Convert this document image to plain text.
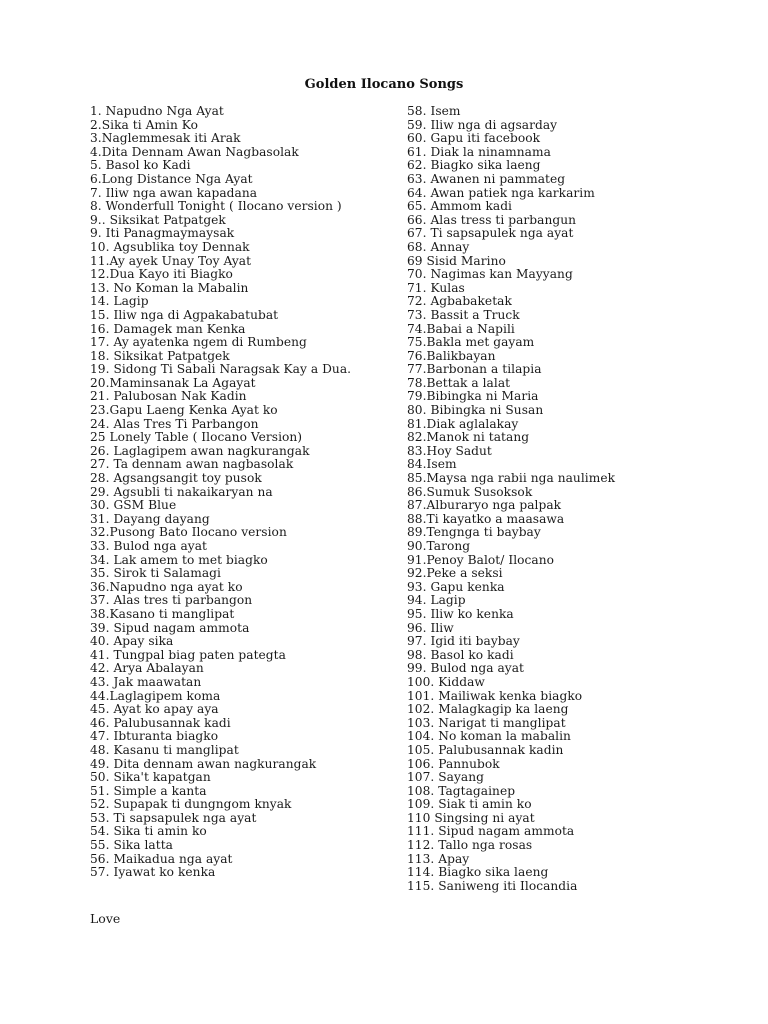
Golden Ilocano Songs
1. Napudno Nga Ayat
2.Sika ti Amin Ko
3.Naglemmesak iti Arak
4.Dita Dennam Awan Nagbasolak
5. Basol ko Kadi
6.Long Distance Nga Ayat
7. Iliw nga awan kapadana
8. Wonderfull Tonight ( Ilocano version )
9.. Siksikat Patpatgek
9. Iti Panagmaymaysak
10. Agsublika toy Dennak
11.Ay ayek Unay Toy Ayat
12.Dua Kayo iti Biagko
13. No Koman la Mabalin
14. Lagip
15. Iliw nga di Agpakabatubat
16. Damagek man Kenka
17. Ay ayatenka ngem di Rumbeng
18. Siksikat Patpatgek
19. Sidong Ti Sabali Naragsak Kay a Dua.
20.Maminsanak La Agayat
21. Palubosan Nak Kadin
23.Gapu Laeng Kenka Ayat ko
24. Alas Tres Ti Parbangon
25 Lonely Table ( Ilocano Version)
26. Laglagipem awan nagkurangak
27. Ta dennam awan nagbasolak
28. Agsangsangit toy pusok
29. Agsubli ti nakaikaryan na
30. GSM Blue
31. Dayang dayang
32.Pusong Bato Ilocano version
33. Bulod nga ayat
34. Lak amem to met biagko
35. Sirok ti Salamagi
36.Napudno nga ayat ko
37. Alas tres ti parbangon
38.Kasano ti manglipat
39. Sipud nagam ammota
40. Apay sika
41. Tungpal biag paten pategta
42. Arya Abalayan
43. Jak maawatan
44.Laglagipem koma
45. Ayat ko apay aya
46. Palubusannak kadi
47. Ibturanta biagko
48. Kasanu ti manglipat
49. Dita dennam awan nagkurangak
50. Sika't kapatgan
51. Simple a kanta
52. Supapak ti dungngom knyak
53. Ti sapsapulek nga ayat
54. Sika ti amin ko
55. Sika latta
56. Maikadua nga ayat
57. Iyawat ko kenka
58. Isem
59. Iliw nga di agsarday
60. Gapu iti facebook
61. Diak la ninamnama
62. Biagko sika laeng
63. Awanen ni pammateg
64. Awan patiek nga karkarim
65. Ammom kadi
66. Alas tress ti parbangun
67. Ti sapsapulek nga ayat
68. Annay
69 Sisid Marino
70. Nagimas kan Mayyang
71. Kulas
72. Agbabaketak
73. Bassit a Truck
74.Babai a Napili
75.Bakla met gayam
76.Balikbayan
77.Barbonan a tilapia
78.Bettak a lalat
79.Bibingka ni Maria
80. Bibingka ni Susan
81.Diak aglalakay
82.Manok ni tatang
83.Hoy Sadut
84.Isem
85.Maysa nga rabii nga naulimek
86.Sumuk Susoksok
87.Alburaryo nga palpak
88.Ti kayatko a maasawa
89.Tengnga ti baybay
90.Tarong
91.Penoy Balot/ Ilocano
92.Peke a seksi
93. Gapu kenka
94. Lagip
95. Iliw ko kenka
96. Iliw
97. Igid iti baybay
98. Basol ko kadi
99. Bulod nga ayat
100. Kiddaw
101. Mailiwak kenka biagko
102. Malagkagip ka laeng
103. Narigat ti manglipat
104. No koman la mabalin
105. Palubusannak kadin
106. Pannubok
107. Sayang
108. Tagtagainep
109. Siak ti amin ko
110 Singsing ni ayat
111. Sipud nagam ammota
112. Tallo nga rosas
113. Apay
114. Biagko sika laeng
115. Saniweng iti Ilocandia
Love
